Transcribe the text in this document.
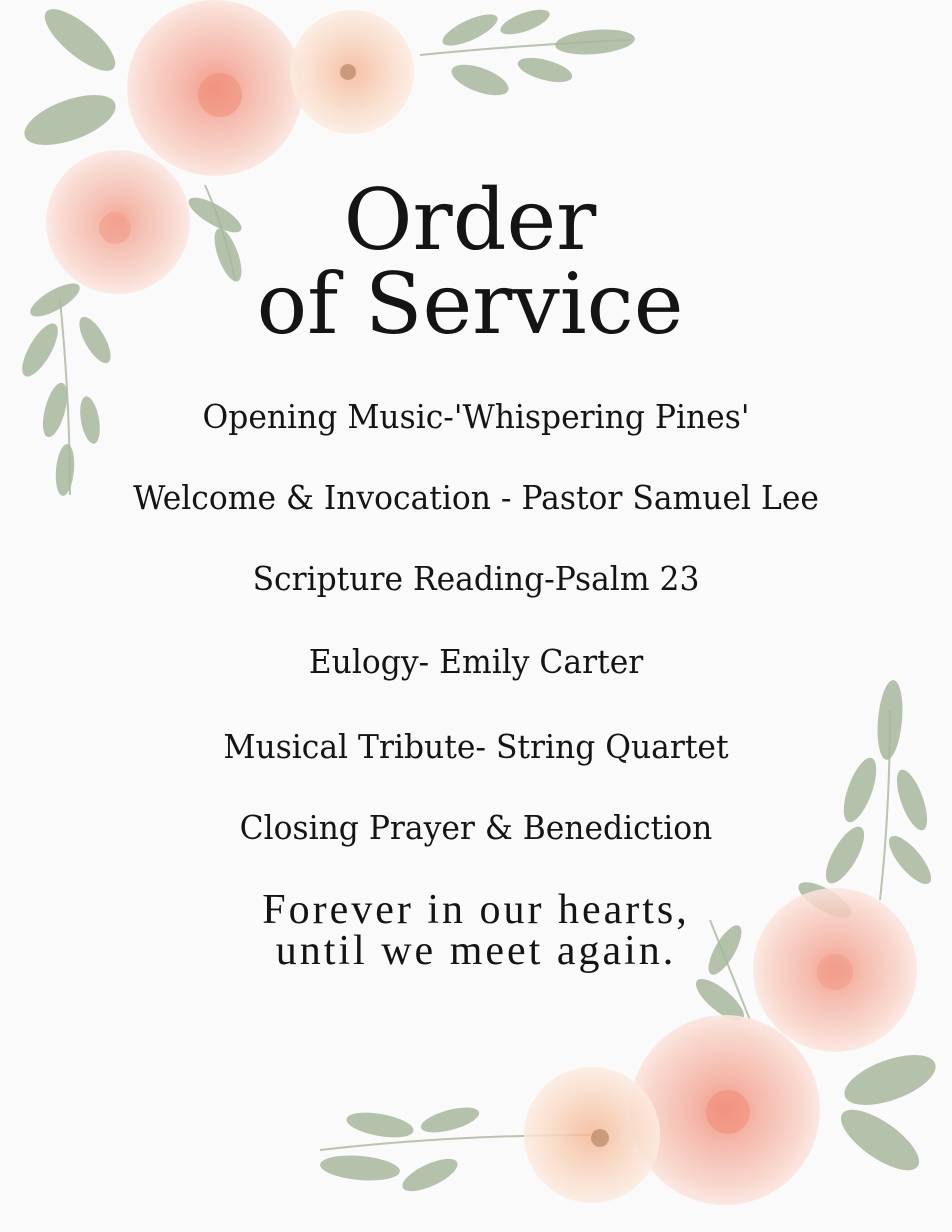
Order
of Service
Opening Music-'Whispering Pines'
Welcome & Invocation - Pastor Samuel Lee
Scripture Reading-Psalm 23
Eulogy- Emily Carter
Musical Tribute- String Quartet
Closing Prayer & Benediction
Forever in our hearts,
until we meet again.
